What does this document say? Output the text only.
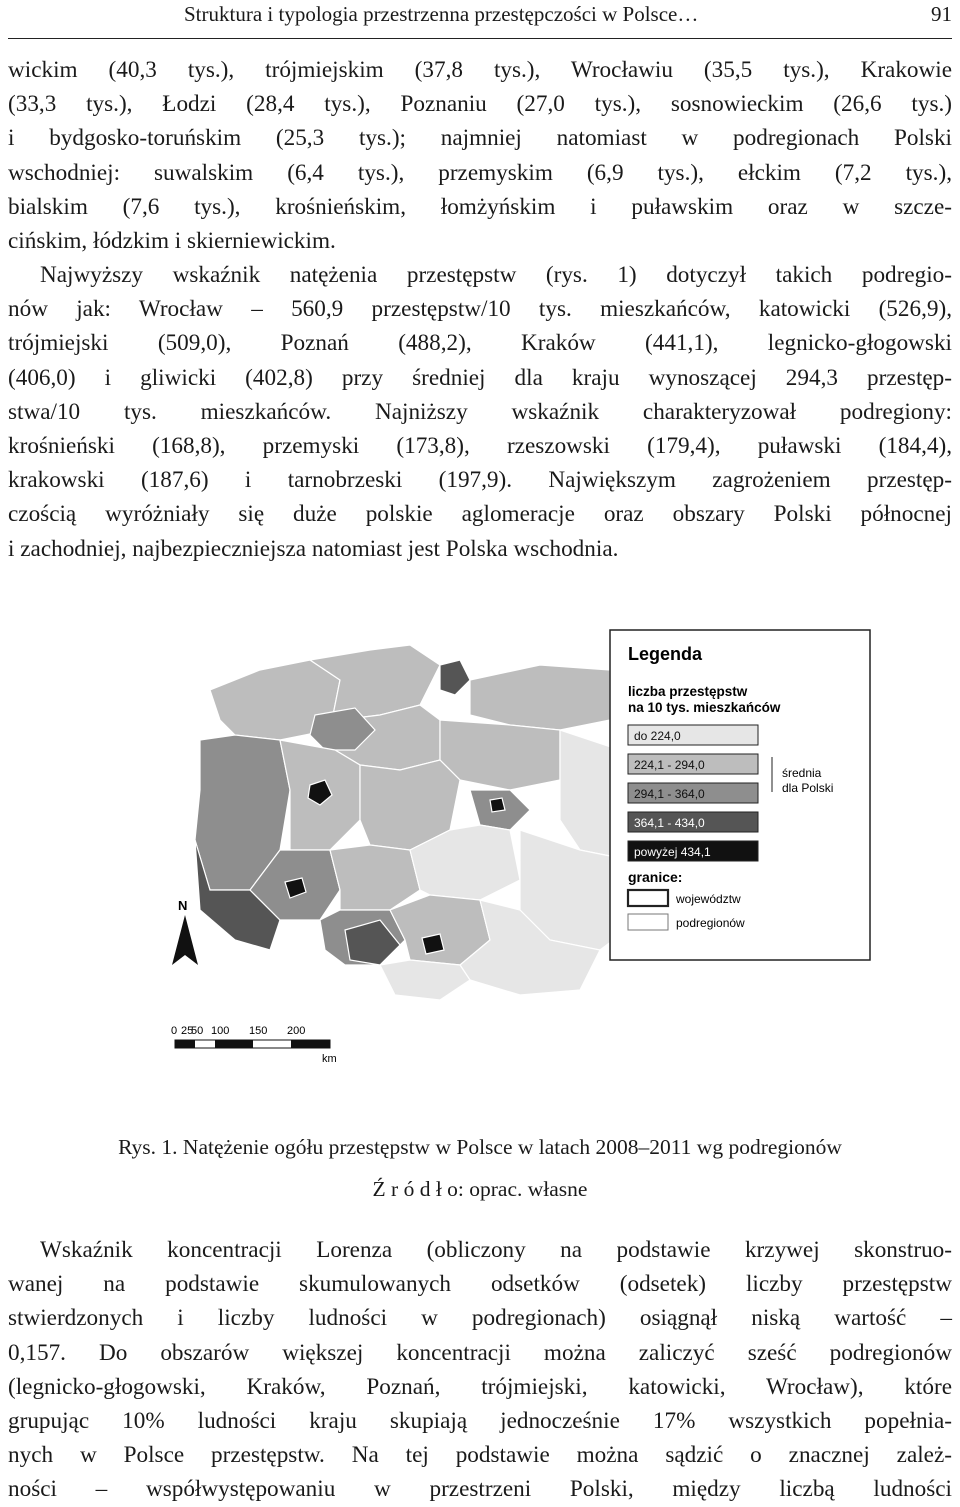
Struktura i typologia przestrzenna przestępczości w Polsce…	91
wickim (40,3 tys.), trójmiejskim (37,8 tys.), Wrocławiu (35,5 tys.), Krakowie
(33,3 tys.), Łodzi (28,4 tys.), Poznaniu (27,0 tys.), sosnowieckim (26,6 tys.)
i bydgosko-toruńskim (25,3 tys.); najmniej natomiast w podregionach Polski
wschodniej: suwalskim (6,4 tys.), przemyskim (6,9 tys.), ełckim (7,2 tys.),
bialskim (7,6 tys.), krośnieńskim, łomżyńskim i puławskim oraz w szcze-
cińskim, łódzkim i skierniewickim.
Najwyższy wskaźnik natężenia przestępstw (rys. 1) dotyczył takich podregio-
nów jak: Wrocław – 560,9 przestępstw/10 tys. mieszkańców, katowicki (526,9),
trójmiejski (509,0), Poznań (488,2), Kraków (441,1), legnicko-głogowski
(406,0) i gliwicki (402,8) przy średniej dla kraju wynoszącej 294,3 przestęp-
stwa/10 tys. mieszkańców. Najniższy wskaźnik charakteryzował podregiony:
krośnieński (168,8), przemyski (173,8), rzeszowski (179,4), puławski (184,4),
krakowski (187,6) i tarnobrzeski (197,9). Największym zagrożeniem przestęp-
czością wyróżniały się duże polskie aglomeracje oraz obszary Polski północnej
i zachodniej, najbezpieczniejsza natomiast jest Polska wschodnia.
Legenda
liczba przestępstw
na 10 tys. mieszkańców
do 224,0
224,1 - 294,0
294,1 - 364,0
364,1 - 434,0
powyżej 434,1
średnia
dla Polski
granice:
województw
podregionów
N
0 25
50 100 150 200
km
Rys. 1. Natężenie ogółu przestępstw w Polsce w latach 2008–2011 wg podregionów
Ź r ó d ł o: oprac. własne
Wskaźnik koncentracji Lorenza (obliczony na podstawie krzywej skonstruo-
wanej na podstawie skumulowanych odsetków (odsetek) liczby przestępstw
stwierdzonych i liczby ludności w podregionach) osiągnął niską wartość –
0,157. Do obszarów większej koncentracji można zaliczyć sześć podregionów
(legnicko-głogowski, Kraków, Poznań, trójmiejski, katowicki, Wrocław), które
grupując 10% ludności kraju skupiają jednocześnie 17% wszystkich popełnia-
nych w Polsce przestępstw. Na tej podstawie można sądzić o znacznej zależ-
ności – współwystępowaniu w przestrzeni Polski, między liczbą ludności
